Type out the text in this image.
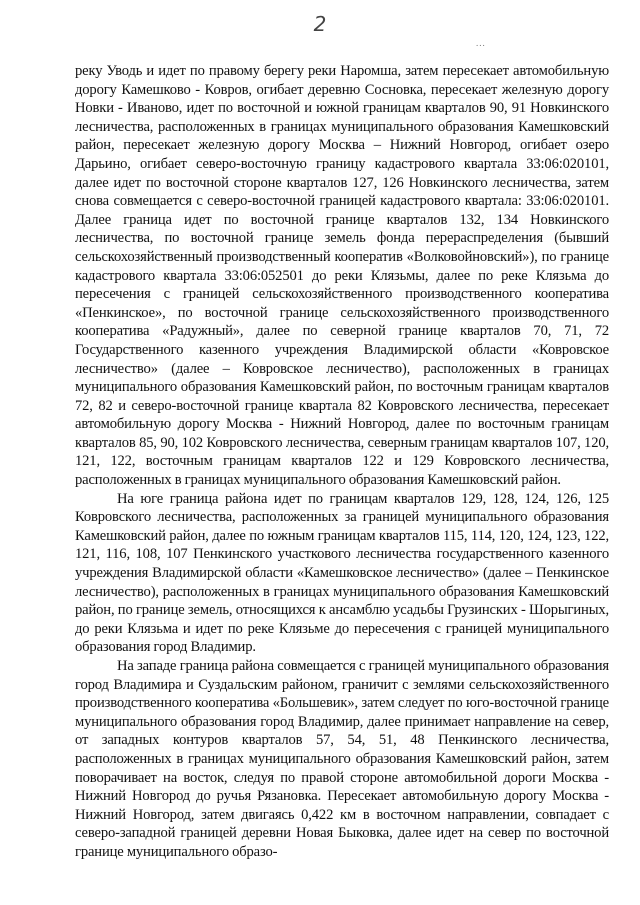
2
...

реку Уводь и идет по правому берегу реки Наромша, затем пересекает автомобильную дорогу Камешково - Ковров, огибает деревню Сосновка, пересекает железную дорогу Новки - Иваново, идет по восточной и южной границам кварталов 90, 91 Новкинского лесничества, расположенных в границах муниципального образования Камешковский район, пересекает железную дорогу Москва – Нижний Новгород, огибает озеро Дарьино, огибает северо-восточную границу кадастрового квартала 33:06:020101, далее идет по восточной стороне кварталов 127, 126 Новкинского лесничества, затем снова совмещается с северо-восточной границей кадастрового квартала: 33:06:020101. Далее граница идет по восточной границе кварталов 132, 134 Новкинского лесничества, по восточной границе земель фонда перераспределения (бывший сельскохозяйственный производственный кооператив «Волковойновский»), по границе кадастрового квартала 33:06:052501 до реки Клязьмы, далее по реке Клязьма до пересечения с границей сельскохозяйственного производственного кооператива «Пенкинское», по восточной границе сельскохозяйственного производственного кооператива «Радужный», далее по северной границе кварталов 70, 71, 72 Государственного казенного учреждения Владимирской области «Ковровское лесничество» (далее – Ковровское лесничество), расположенных в границах муниципального образования Камешковский район, по восточным границам кварталов 72, 82 и северо-восточной границе квартала 82 Ковровского лесничества, пересекает автомобильную дорогу Москва - Нижний Новгород, далее по восточным границам кварталов 85, 90, 102 Ковровского лесничества, северным границам кварталов 107, 120, 121, 122, восточным границам кварталов 122 и 129 Ковровского лесничества, расположенных в границах муниципального образования Камешковский район.

На юге граница района идет по границам кварталов 129, 128, 124, 126, 125 Ковровского лесничества, расположенных за границей муниципального образования Камешковский район, далее по южным границам кварталов 115, 114, 120, 124, 123, 122, 121, 116, 108, 107 Пенкинского участкового лесничества государственного казенного учреждения Владимирской области «Камешковское лесничество» (далее – Пенкинское лесничество), расположенных в границах муниципального образования Камешковский район, по границе земель, относящихся к ансамблю усадьбы Грузинских - Шорыгиных, до реки Клязьма и идет по реке Клязьме до пересечения с границей муниципального образования город Владимир.

На западе граница района совмещается с границей муниципального образования город Владимира и Суздальским районом, граничит с землями сельскохозяйственного производственного кооператива «Большевик», затем следует по юго-восточной границе муниципального образования город Владимир, далее принимает направление на север, от западных контуров кварталов 57, 54, 51, 48 Пенкинского лесничества, расположенных в границах муниципального образования Камешковский район, затем поворачивает на восток, следуя по правой стороне автомобильной дороги Москва - Нижний Новгород до ручья Рязановка. Пересекает автомобильную дорогу Москва - Нижний Новгород, затем двигаясь 0,422 км в восточном направлении, совпадает с северо-западной границей деревни Новая Быковка, далее идет на север по восточной границе муниципального образо-
